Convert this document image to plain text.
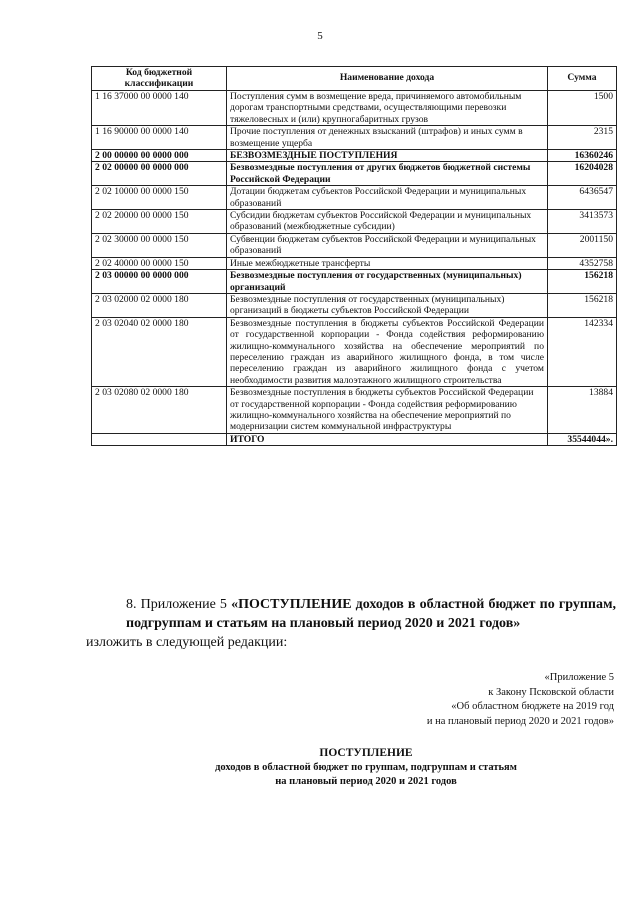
5
Код бюджетной классификации	Наименование дохода	Сумма
1 16 37000 00 0000 140	Поступления сумм в возмещение вреда, причиняемого автомобильным дорогам транспортными средствами, осуществляющими перевозки тяжеловесных и (или) крупногабаритных грузов	1500
1 16 90000 00 0000 140	Прочие поступления от денежных взысканий (штрафов) и иных сумм в возмещение ущерба	2315
2 00 00000 00 0000 000	БЕЗВОЗМЕЗДНЫЕ ПОСТУПЛЕНИЯ	16360246
2 02 00000 00 0000 000	Безвозмездные поступления от других бюджетов бюджетной системы Российской Федерации	16204028
2 02 10000 00 0000 150	Дотации бюджетам субъектов Российской Федерации и муниципальных образований	6436547
2 02 20000 00 0000 150	Субсидии бюджетам субъектов Российской Федерации и муниципальных образований (межбюджетные субсидии)	3413573
2 02 30000 00 0000 150	Субвенции бюджетам субъектов Российской Федерации и муниципальных образований	2001150
2 02 40000 00 0000 150	Иные межбюджетные трансферты	4352758
2 03 00000 00 0000 000	Безвозмездные поступления от государственных (муниципальных) организаций	156218
2 03 02000 02 0000 180	Безвозмездные поступления от государственных (муниципальных) организаций в бюджеты субъектов Российской Федерации	156218
2 03 02040 02 0000 180	Безвозмездные поступления в бюджеты субъектов Российской Федерации от государственной корпорации - Фонда содействия реформированию жилищно-коммунального хозяйства на обеспечение мероприятий по переселению граждан из аварийного жилищного фонда, в том числе переселению граждан из аварийного жилищного фонда с учетом необходимости развития малоэтажного жилищного строительства	142334
2 03 02080 02 0000 180	Безвозмездные поступления в бюджеты субъектов Российской Федерации от государственной корпорации - Фонда содействия реформированию жилищно-коммунального хозяйства на обеспечение мероприятий по модернизации систем коммунальной инфраструктуры	13884
	ИТОГО	35544044».
8. Приложение 5 «ПОСТУПЛЕНИЕ доходов в областной бюджет по группам, подгруппам и статьям на плановый период 2020 и 2021 годов»
изложить в следующей редакции:
«Приложение 5
к Закону Псковской области
«Об областном бюджете на 2019 год
и на плановый период 2020 и 2021 годов»
ПОСТУПЛЕНИЕ
доходов в областной бюджет по группам, подгруппам и статьям
на плановый период 2020 и 2021 годов
